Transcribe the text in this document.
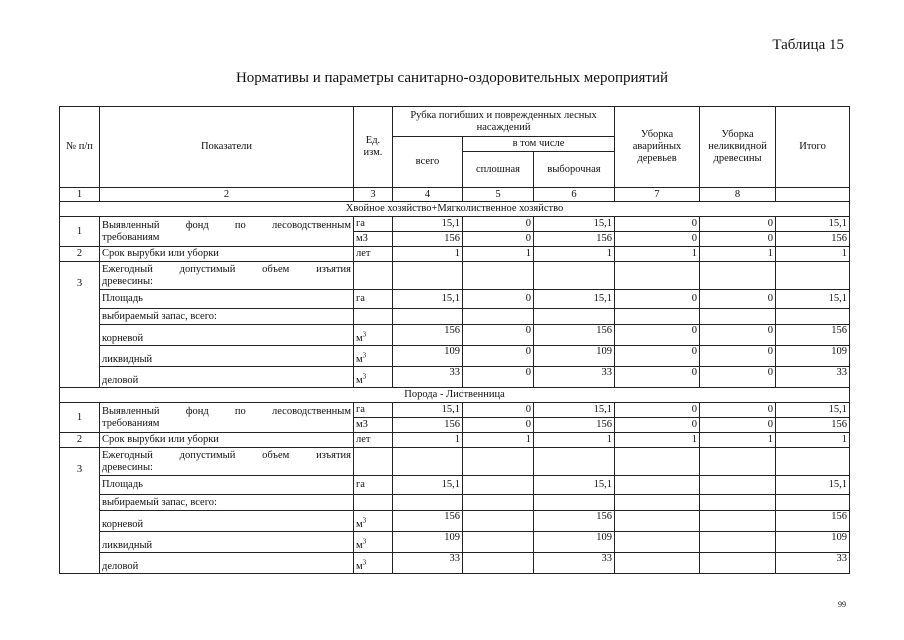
Таблица 15
Нормативы и параметры санитарно-оздоровительных мероприятий
№ п/п	Показатели	Ед. изм.	Рубка погибших и поврежденных лесных насаждений			Уборка аварийных деревьев	Уборка неликвидной древесины	Итого
			всего	в том числе				
				сплошная	выборочная			
1	2	3	4	5	6	7	8	
Хвойное хозяйство+Мягколиственное хозяйство								
1	Выявленный фонд по лесоводственным
требованиям	га	15,1	0	15,1	0	0	15,1
		м3	156	0	156	0	0	156
2	Срок вырубки или уборки	лет	1	1	1	1	1	1
3	Ежегодный допустимый объем изъятия
древесины:							

	Площадь	га	15,1	0	15,1	0	0	15,1
	выбираемый запас, всего:							
	корневой	$м^3$	156	0	156	0	0	156
	ликвидный	$м^3$	109	0	109	0	0	109
	деловой	$м^3$	33	0	33	0	0	33
Порода - Лиственница								
1	Выявленный фонд по лесоводственным
требованиям	га	15,1	0	15,1	0	0	15,1
		м3	156	0	156	0	0	156
2	Срок вырубки или уборки	лет	1	1	1	1	1	1
3	Ежегодный допустимый объем изъятия
древесины:							

	Площадь	га	15,1		15,1			15,1
	выбираемый запас, всего:							
	корневой	$м^3$	156		156			156
	ликвидный	$м^3$	109		109			109
	деловой	$м^3$	33		33			33
99
